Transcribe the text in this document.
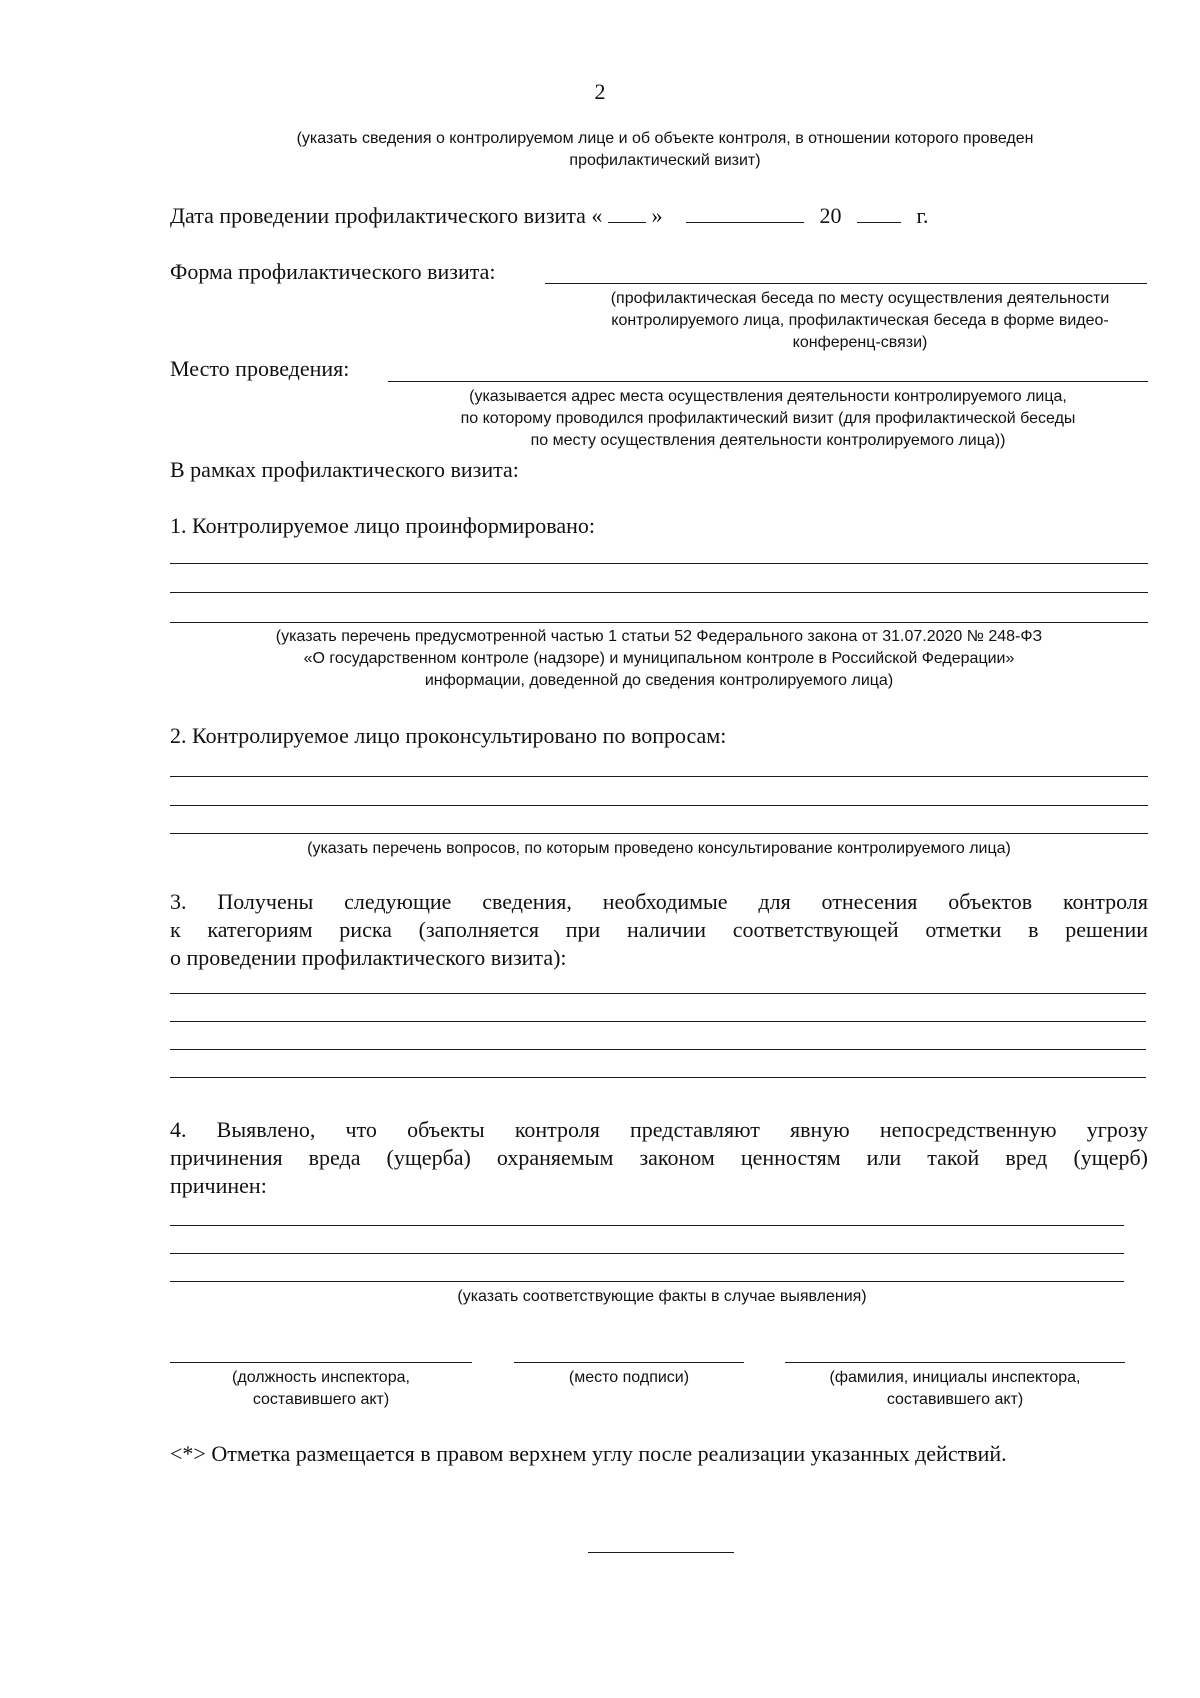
2
(указать сведения о контролируемом лице и об объекте контроля, в отношении которого проведен
профилактический визит)
Дата проведении профилактического визита « »	20	г.
Форма профилактического визита:
(профилактическая беседа по месту осуществления деятельности
контролируемого лица, профилактическая беседа в форме видео-
конференц-связи)
Место проведения:
(указывается адрес места осуществления деятельности контролируемого лица,
по которому проводился профилактический визит (для профилактической беседы
по месту осуществления деятельности контролируемого лица))
В рамках профилактического визита:
1. Контролируемое лицо проинформировано:
(указать перечень предусмотренной частью 1 статьи 52 Федерального закона от 31.07.2020 № 248-ФЗ
«О государственном контроле (надзоре) и муниципальном контроле в Российской Федерации»
информации, доведенной до сведения контролируемого лица)
2. Контролируемое лицо проконсультировано по вопросам:
(указать перечень вопросов, по которым проведено консультирование контролируемого лица)
3. Получены следующие сведения, необходимые для отнесения объектов контроля
к категориям риска (заполняется при наличии соответствующей отметки в решении
о проведении профилактического визита):
4. Выявлено, что объекты контроля представляют явную непосредственную угрозу
причинения вреда (ущерба) охраняемым законом ценностям или такой вред (ущерб)
причинен:
(указать соответствующие факты в случае выявления)
(должность инспектора,
составившего акт)
(место подписи)	(фамилия, инициалы инспектора,
составившего акт)
<*> Отметка размещается в правом верхнем углу после реализации указанных действий.
